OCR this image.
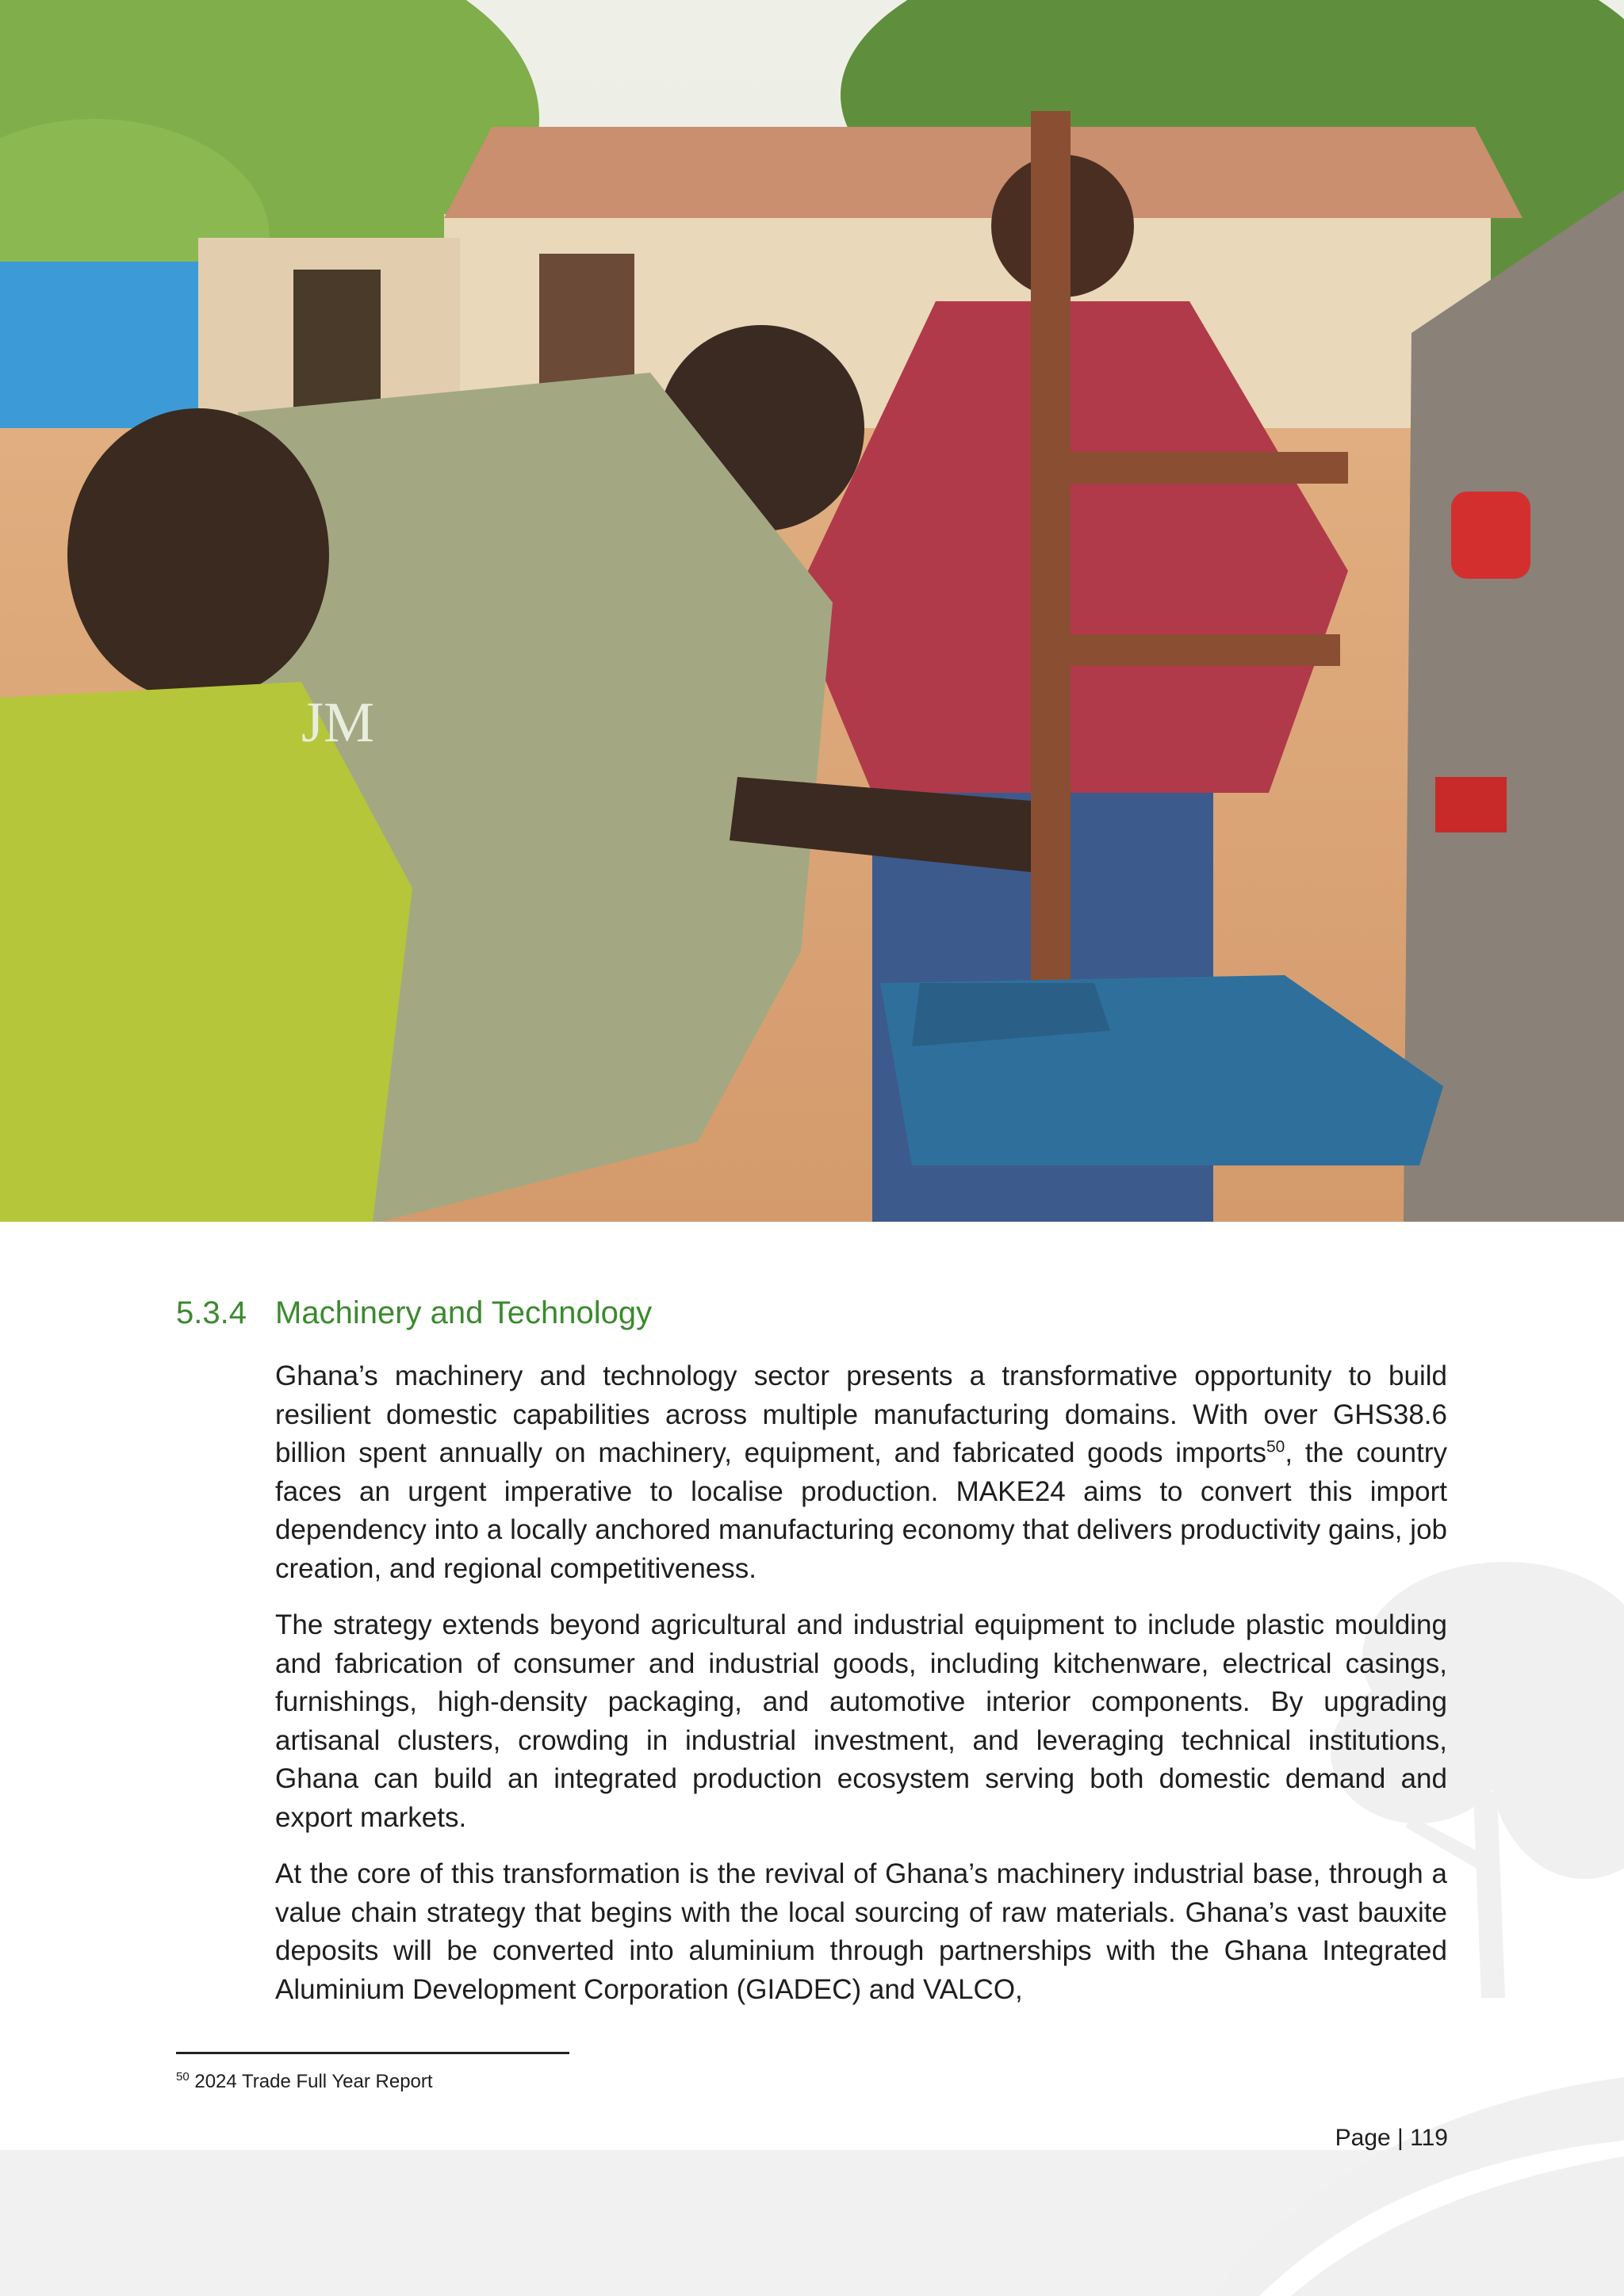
JM
5.3.4 Machinery and Technology

Ghana’s machinery and technology sector presents a transformative opportunity to build resilient domestic capabilities across multiple manufacturing domains. With over GHS38.6 billion spent annually on machinery, equipment, and fabricated goods imports$^{50}$, the country faces an urgent imperative to localise production. MAKE24 aims to convert this import dependency into a locally anchored manufacturing economy that delivers productivity gains, job creation, and regional competitiveness.

The strategy extends beyond agricultural and industrial equipment to include plastic moulding and fabrication of consumer and industrial goods, including kitchenware, electrical casings, furnishings, high-density packaging, and automotive interior components. By upgrading artisanal clusters, crowding in industrial investment, and leveraging technical institutions, Ghana can build an integrated production ecosystem serving both domestic demand and export markets.

At the core of this transformation is the revival of Ghana’s machinery industrial base, through a value chain strategy that begins with the local sourcing of raw materials. Ghana’s vast bauxite deposits will be converted into aluminium through partnerships with the Ghana Integrated Aluminium Development Corporation (GIADEC) and VALCO,

$^{50}$ 2024 Trade Full Year Report
Page | 119
